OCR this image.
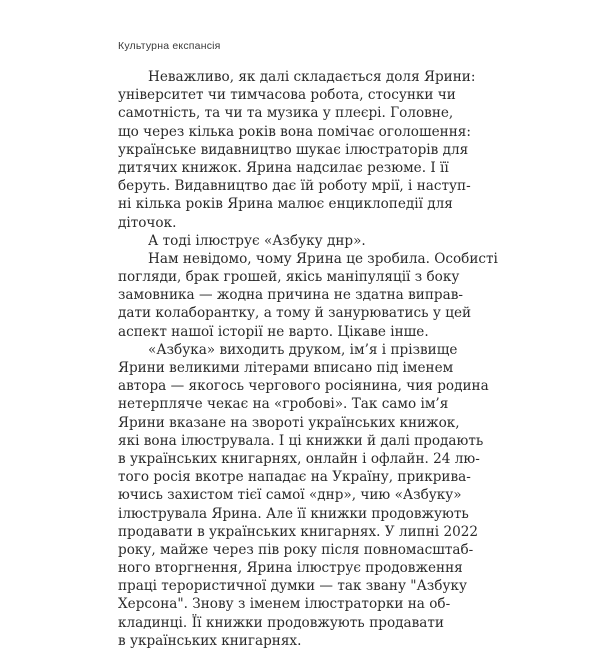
Культурна експансія
Неважливо, як далі складається доля Ярини:
університет чи тимчасова робота, стосунки чи
самотність, та чи та музика у плеєрі. Головне,
що через кілька років вона помічає оголошення:
українське видавництво шукає ілюстраторів для
дитячих книжок. Ярина надсилає резюме. І її
беруть. Видавництво дає їй роботу мрії, і наступ-
ні кілька років Ярина малює енциклопедії для
діточок.
А тоді ілюструє «Азбуку днр».
Нам невідомо, чому Ярина це зробила. Особисті
погляди, брак грошей, якісь маніпуляції з боку
замовника — жодна причина не здатна виправ-
дати колаборантку, а тому й занурюватись у цей
аспект нашої історії не варто. Цікаве інше.
«Азбука» виходить друком, ім’я і прізвище
Ярини великими літерами вписано під іменем
автора — якогось чергового росіянина, чия родина
нетерпляче чекає на «гробові». Так само ім’я
Ярини вказане на звороті українських книжок,
які вона ілюструвала. І ці книжки й далі продають
в українських книгарнях, онлайн і офлайн. 24 лю-
того росія вкотре нападає на Україну, прикрива-
ючись захистом тієї самої «днр», чию «Азбуку»
ілюструвала Ярина. Але її книжки продовжують
продавати в українських книгарнях. У липні 2022
року, майже через пів року після повномасштаб-
ного вторгнення, Ярина ілюструє продовження
праці терористичної думки — так звану "Азбуку
Херсона". Знову з іменем ілюстраторки на об-
кладинці. Її книжки продовжують продавати
в українських книгарнях.
